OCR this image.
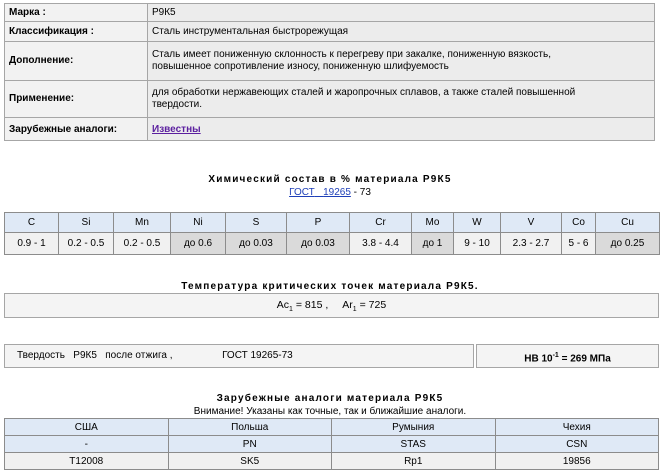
Марка :	Р9К5
Классификация :	Сталь инструментальная быстрорежущая
Дополнение:	Сталь имеет пониженную склонность к перегреву при закалке, пониженную вязкость,
повышенное сопротивление износу, пониженную шлифуемость

Применение:	для обработки нержавеющих сталей и жаропрочных сплавов, а также сталей повышенной
твердости.

Зарубежные аналоги:	Известны
Химический состав в % материала Р9К5
ГОСТ 19265 - 73
C	Si	Mn	Ni	S	P	Cr	Mo	W	V	Co	Cu
0.9 - 1	0.2 - 0.5	0.2 - 0.5	до 0.6	до 0.03	до 0.03	3.8 - 4.4	до 1	9 - 10	2.3 - 2.7	5 - 6	до 0.25
Температура критических точек материала Р9К5.
$Ac_1 = 815$ , $Ar_1 = 725$
Твердость Р9К5 после отжига ,	ГОСТ 19265-73	HB $10^{-1} = 269$ МПа
Зарубежные аналоги материала Р9К5
Внимание! Указаны как точные, так и ближайшие аналоги.
США	Польша	Румыния	Чехия
-	PN	STAS	CSN
T12008	SK5	Rp1	19856
